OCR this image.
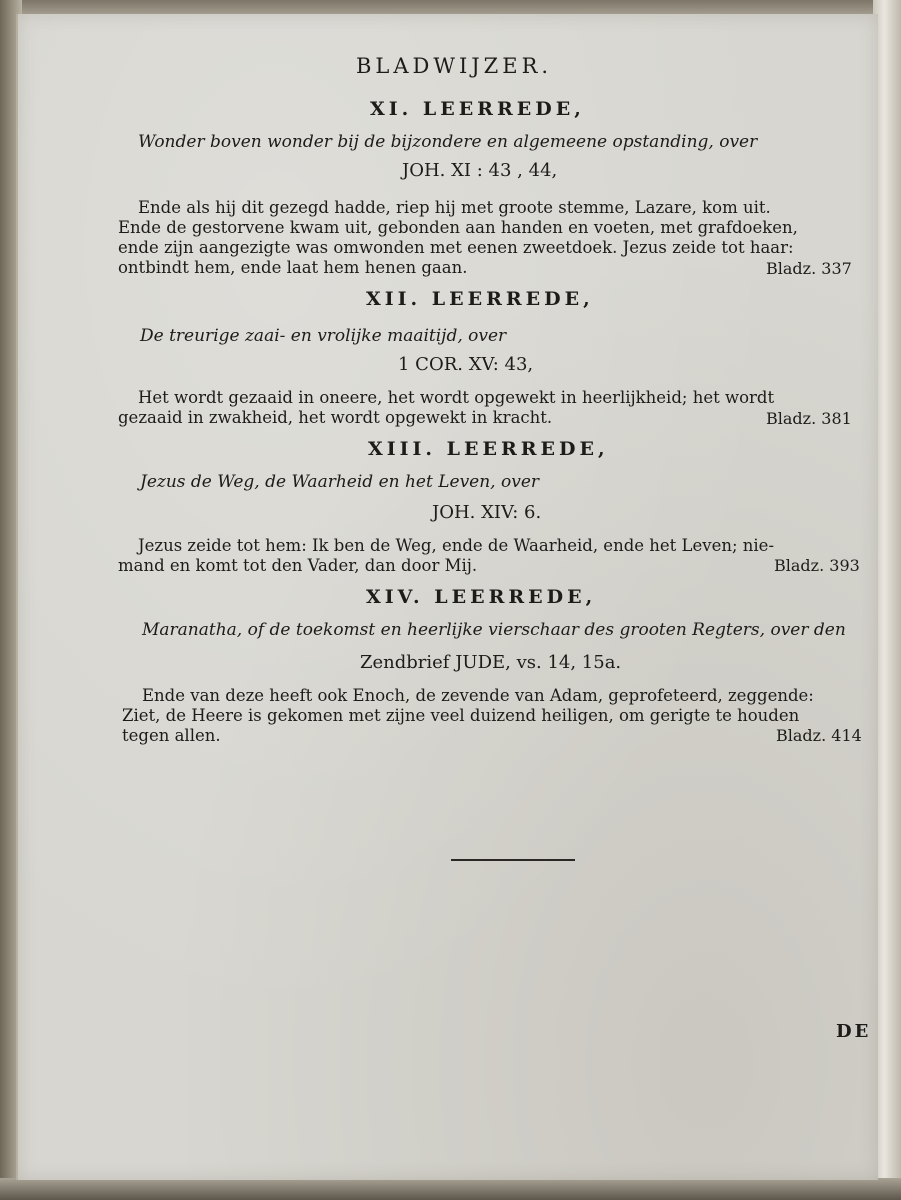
BLADWIJZER.
XI. LEERREDE,
Wonder boven wonder bij de bijzondere en algemeene opstanding, over
JOH. XI : 43 , 44,
Ende als hij dit gezegd hadde, riep hij met groote stemme, Lazare, kom uit.
Ende de gestorvene kwam uit, gebonden aan handen en voeten, met grafdoeken,
ende zijn aangezigte was omwonden met eenen zweetdoek. Jezus zeide tot haar:
ontbindt hem, ende laat hem henen gaan.	Bladz. 337
XII. LEERREDE,
De treurige zaai- en vrolijke maaitijd, over
1 COR. XV: 43,
Het wordt gezaaid in oneere, het wordt opgewekt in heerlijkheid; het wordt
gezaaid in zwakheid, het wordt opgewekt in kracht.	Bladz. 381
XIII. LEERREDE,
Jezus de Weg, de Waarheid en het Leven, over
JOH. XIV: 6.
Jezus zeide tot hem: Ik ben de Weg, ende de Waarheid, ende het Leven; nie-
mand en komt tot den Vader, dan door Mij.	Bladz. 393
XIV. LEERREDE,
Maranatha, of de toekomst en heerlijke vierschaar des grooten Regters, over den
Zendbrief JUDE, vs. 14, 15a.
Ende van deze heeft ook Enoch, de zevende van Adam, geprofeteerd, zeggende:
Ziet, de Heere is gekomen met zijne veel duizend heiligen, om gerigte te houden
tegen allen.	Bladz. 414
DE
